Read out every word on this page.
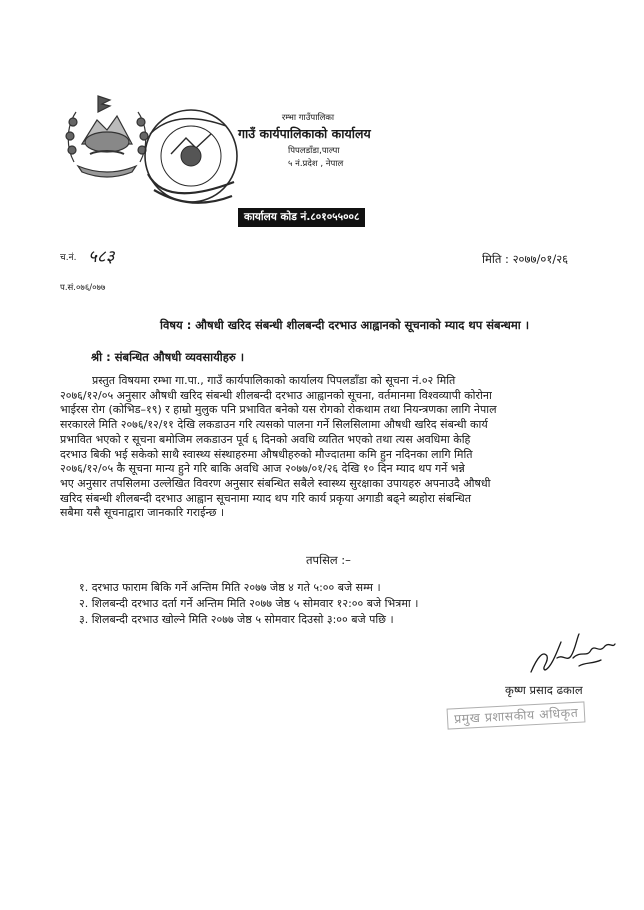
रम्भा गाउँपालिका
गाउँ कार्यपालिकाको कार्यालय
पिपलडाँडा,पाल्पा
५ नं.प्रदेश , नेपाल
कार्यालय कोड नं.८०१०५५००८
च.नं. ५८३	मिति : २०७७/०१/२६
प.सं.०७६/०७७
विषय : औषधी खरिद संबन्धी शीलबन्दी दरभाउ आह्वानको सूचनाको म्याद थप संबन्धमा ।
श्री : संबन्धित औषधी व्यवसायीहरु ।
प्रस्तुत विषयमा रम्भा गा.पा., गाउँ कार्यपालिकाको कार्यालय पिपलडाँडा को सूचना नं.०२ मिति
२०७६/१२/०५ अनुसार औषधी खरिद संबन्धी शीलबन्दी दरभाउ आह्वानको सूचना, वर्तमानमा विश्वव्यापी कोरोना
भाईरस रोग (कोभिड–१९) र हाम्रो मुलुक पनि प्रभावित बनेको यस रोगको रोकथाम तथा नियन्त्रणका लागि नेपाल
सरकारले मिति २०७६/१२/११ देखि लकडाउन गरि त्यसको पालना गर्ने सिलसिलामा औषधी खरिद संबन्धी कार्य
प्रभावित भएको र सूचना बमोजिम लकडाउन पूर्व ६ दिनको अवधि व्यतित भएको तथा त्यस अवधिमा केहि
दरभाउ बिकी भई सकेको साथै स्वास्थ्य संस्थाहरुमा औषधीहरुको मौज्दातमा कमि हुन नदिनका लागि मिति
२०७६/१२/०५ कै सूचना मान्य हुने गरि बाकि अवधि आज २०७७/०१/२६ देखि १० दिन म्याद थप गर्ने भन्ने
भए अनुसार तपसिलमा उल्लेखित विवरण अनुसार संबन्धित सबैले स्वास्थ्य सुरक्षाका उपायहरु अपनाउदै औषधी
खरिद संबन्धी शीलबन्दी दरभाउ आह्वान सूचनामा म्याद थप गरि कार्य प्रकृया अगाडी बढ्ने ब्यहोरा संबन्धित
सबैमा यसै सूचनाद्वारा जानकारि गराईन्छ ।
तपसिल :–
१. दरभाउ फाराम बिकि गर्ने अन्तिम मिति २०७७ जेष्ठ ४ गते ५:०० बजे सम्म ।
२. शिलबन्दी दरभाउ दर्ता गर्ने अन्तिम मिति २०७७ जेष्ठ ५ सोमवार १२:०० बजे भित्रमा ।
३. शिलबन्दी दरभाउ खोल्ने मिति २०७७ जेष्ठ ५ सोमवार दिउसो ३:०० बजे पछि ।
कृष्ण प्रसाद ढकाल
प्रमुख प्रशासकीय अधिकृत
